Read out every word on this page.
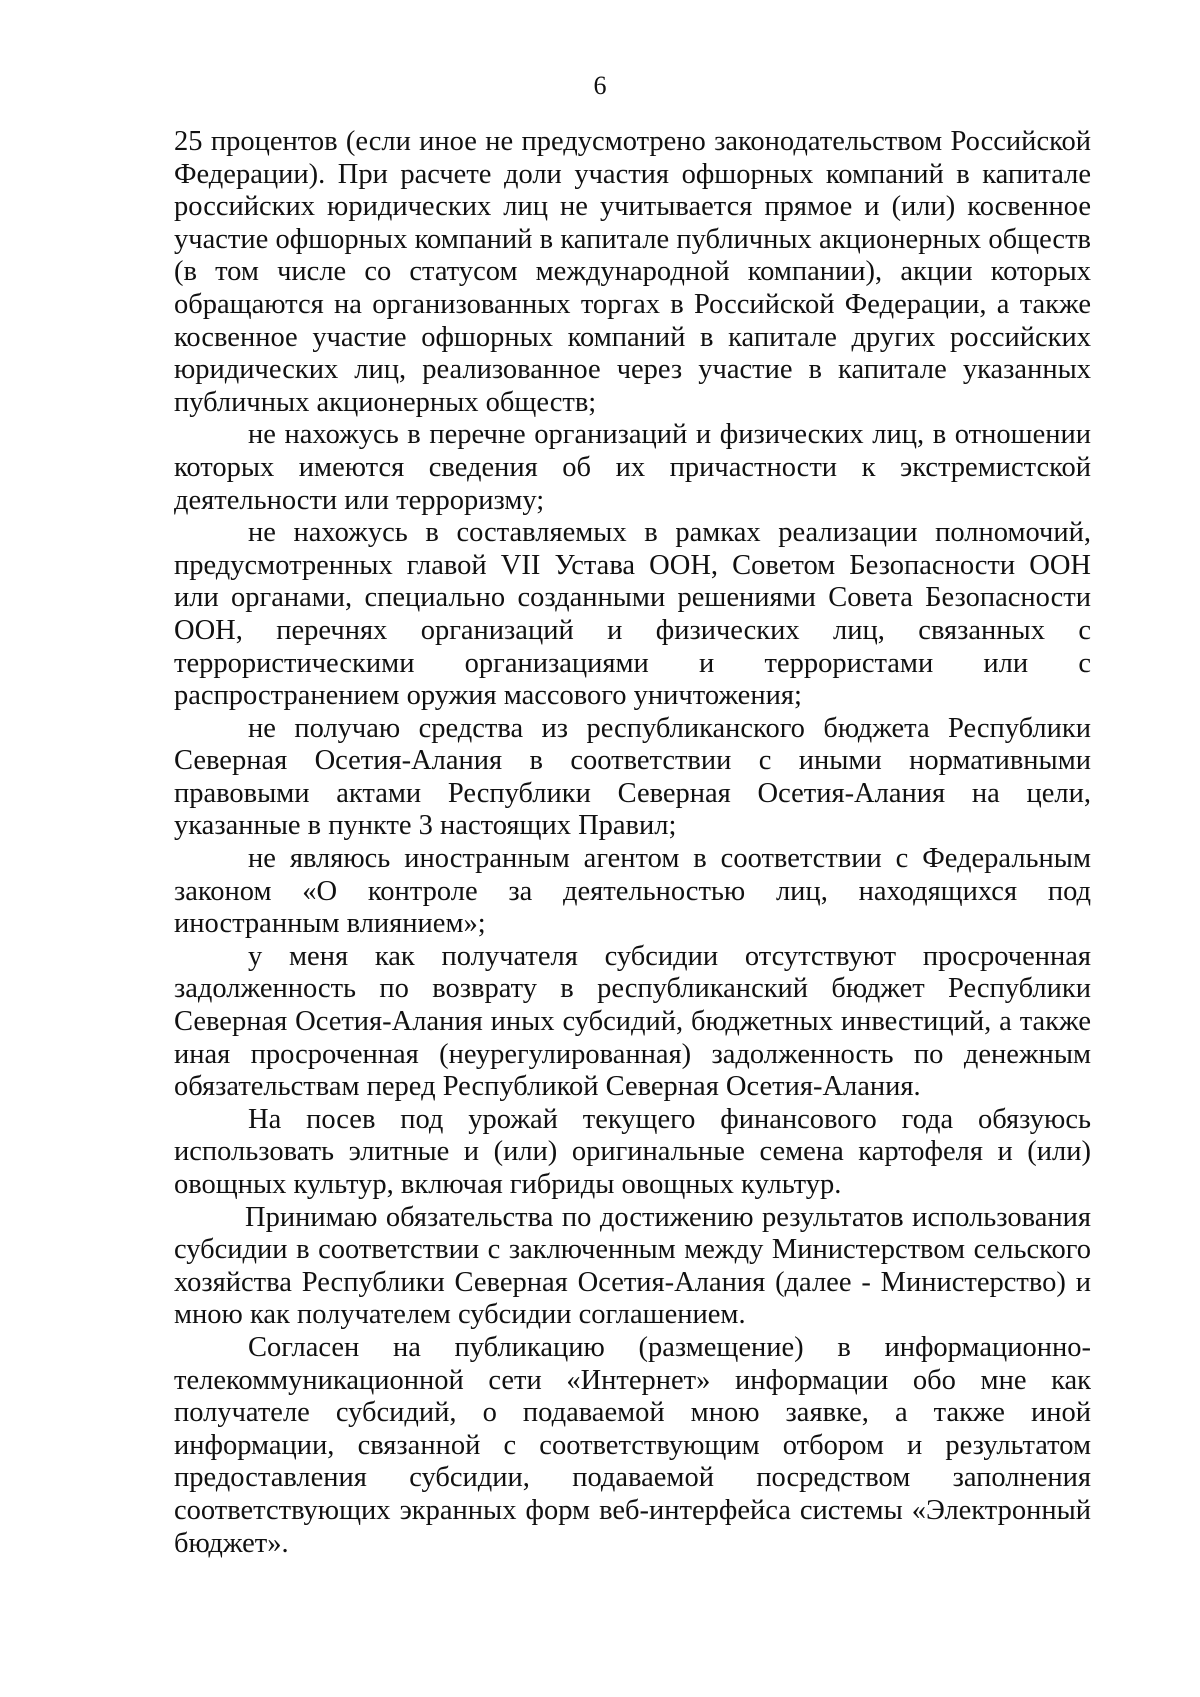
6

25 процентов (если иное не предусмотрено законодательством Российской Федерации). При расчете доли участия офшорных компаний в капитале российских юридических лиц не учитывается прямое и (или) косвенное участие офшорных компаний в капитале публичных акционерных обществ (в том числе со статусом международной компании), акции которых обращаются на организованных торгах в Российской Федерации, а также косвенное участие офшорных компаний в капитале других российских юридических лиц, реализованное через участие в капитале указанных публичных акционерных обществ;

не нахожусь в перечне организаций и физических лиц, в отношении которых имеются сведения об их причастности к экстремистской деятельности или терроризму;

не нахожусь в составляемых в рамках реализации полномочий, предусмотренных главой VII Устава ООН, Советом Безопасности ООН или органами, специально созданными решениями Совета Безопасности ООН, перечнях организаций и физических лиц, связанных с террористическими организациями и террористами или с распространением оружия массового уничтожения;

не получаю средства из республиканского бюджета Республики Северная Осетия-Алания в соответствии с иными нормативными правовыми актами Республики Северная Осетия-Алания на цели, указанные в пункте 3 настоящих Правил;

не являюсь иностранным агентом в соответствии с Федеральным законом «О контроле за деятельностью лиц, находящихся под иностранным влиянием»;

у меня как получателя субсидии отсутствуют просроченная задолженность по возврату в республиканский бюджет Республики Северная Осетия-Алания иных субсидий, бюджетных инвестиций, а также иная просроченная (неурегулированная) задолженность по денежным обязательствам перед Республикой Северная Осетия-Алания.

На посев под урожай текущего финансового года обязуюсь использовать элитные и (или) оригинальные семена картофеля и (или) овощных культур, включая гибриды овощных культур.

Принимаю обязательства по достижению результатов использования субсидии в соответствии с заключенным между Министерством сельского хозяйства Республики Северная Осетия-Алания (далее - Министерство) и мною как получателем субсидии соглашением.

Согласен на публикацию (размещение) в информационно-телекоммуникационной сети «Интернет» информации обо мне как получателе субсидий, о подаваемой мною заявке, а также иной информации, связанной с соответствующим отбором и результатом предоставления субсидии, подаваемой посредством заполнения соответствующих экранных форм веб-интерфейса системы «Электронный бюджет».
